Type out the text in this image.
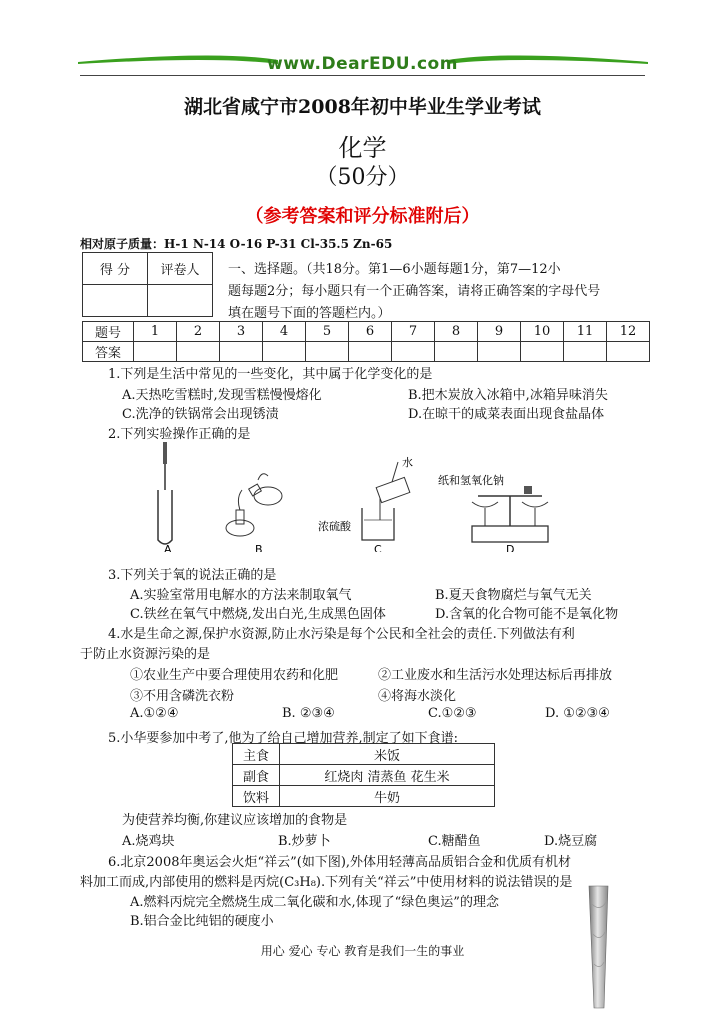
www.DearEDU.com
湖北省咸宁市2008年初中毕业生学业考试
化学
（50分）
（参考答案和评分标准附后）
相对原子质量：H-1 N-14 O-16 P-31 Cl-35.5 Zn-65
得 分	评卷人
	一、选择题。（共18分。第1—6小题每题1分，第7—12小
题每题2分；每小题只有一个正确答案，请将正确答案的字母代号
填在题号下面的答题栏内。）
题号	1	2	3	4	5	6	7	8	9	10	11	12
答案												
1.下列是生活中常见的一些变化，其中属于化学变化的是
A.天热吃雪糕时,发现雪糕慢慢熔化	B.把木炭放入冰箱中,冰箱异味消失
C.洗净的铁锅常会出现锈渍	D.在晾干的咸菜表面出现食盐晶体
2.下列实验操作正确的是
水
浓硫酸
纸和氢氧化钠
A	B	C	D
3.下列关于氧的说法正确的是
A.实验室常用电解水的方法来制取氧气	B.夏天食物腐烂与氧气无关
C.铁丝在氧气中燃烧,发出白光,生成黑色固体	D.含氧的化合物可能不是氧化物
4.水是生命之源,保护水资源,防止水污染是每个公民和全社会的责任.下列做法有利
于防止水资源污染的是
①农业生产中要合理使用农药和化肥	②工业废水和生活污水处理达标后再排放
③不用含磷洗衣粉	④将海水淡化
A.①②④	B. ②③④	C.①②③	D. ①②③④
5.小华要参加中考了,他为了给自己增加营养,制定了如下食谱:
主食	米饭
副食	红烧肉 清蒸鱼 花生米
饮料	牛奶
为使营养均衡,你建议应该增加的食物是
A.烧鸡块	B.炒萝卜	C.糖醋鱼	D.烧豆腐
6.北京2008年奥运会火炬“祥云”(如下图),外体用轻薄高品质铝合金和优质有机材
料加工而成,内部使用的燃料是丙烷(C₃H₈).下列有关“祥云”中使用材料的说法错误的是
A.燃料丙烷完全燃烧生成二氧化碳和水,体现了“绿色奥运”的理念
B.铝合金比纯铝的硬度小
用心 爱心 专心 教育是我们一生的事业
